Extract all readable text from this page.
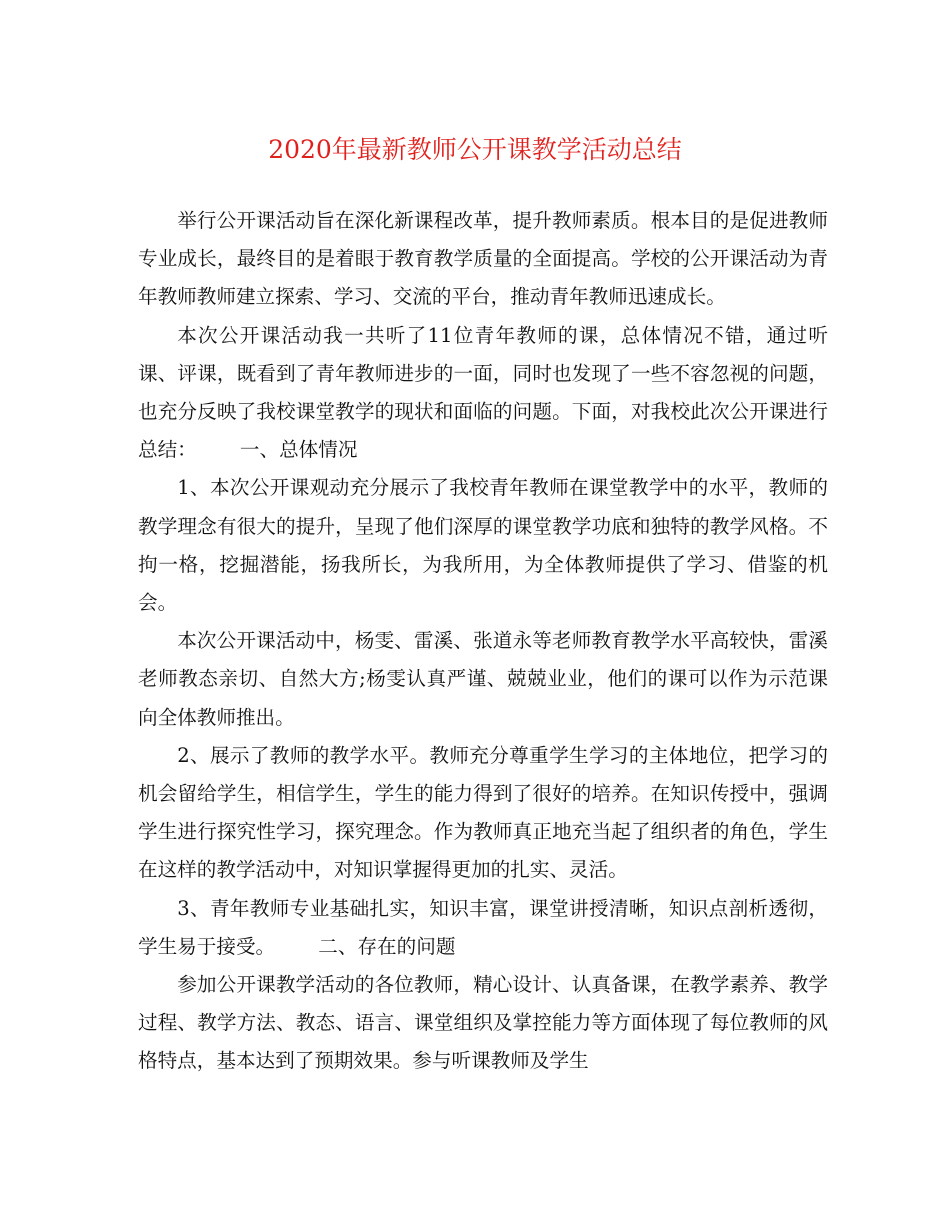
2020年最新教师公开课教学活动总结

举行公开课活动旨在深化新课程改革，提升教师素质。根本目的是促进教师专业成长，最终目的是着眼于教育教学质量的全面提高。学校的公开课活动为青年教师教师建立探索、学习、交流的平台，推动青年教师迅速成长。

本次公开课活动我一共听了11位青年教师的课，总体情况不错，通过听课、评课，既看到了青年教师进步的一面，同时也发现了一些不容忽视的问题，也充分反映了我校课堂教学的现状和面临的问题。下面，对我校此次公开课进行总结： 一、总体情况

1、本次公开课观动充分展示了我校青年教师在课堂教学中的水平，教师的教学理念有很大的提升，呈现了他们深厚的课堂教学功底和独特的教学风格。不拘一格，挖掘潜能，扬我所长，为我所用，为全体教师提供了学习、借鉴的机会。

本次公开课活动中，杨雯、雷溪、张道永等老师教育教学水平高较快，雷溪老师教态亲切、自然大方;杨雯认真严谨、兢兢业业，他们的课可以作为示范课向全体教师推出。

2、展示了教师的教学水平。教师充分尊重学生学习的主体地位，把学习的机会留给学生，相信学生，学生的能力得到了很好的培养。在知识传授中，强调学生进行探究性学习，探究理念。作为教师真正地充当起了组织者的角色，学生在这样的教学活动中，对知识掌握得更加的扎实、灵活。

3、青年教师专业基础扎实，知识丰富，课堂讲授清晰，知识点剖析透彻，学生易于接受。 二、存在的问题

参加公开课教学活动的各位教师，精心设计、认真备课，在教学素养、教学过程、教学方法、教态、语言、课堂组织及掌控能力等方面体现了每位教师的风格特点，基本达到了预期效果。参与听课教师及学生
